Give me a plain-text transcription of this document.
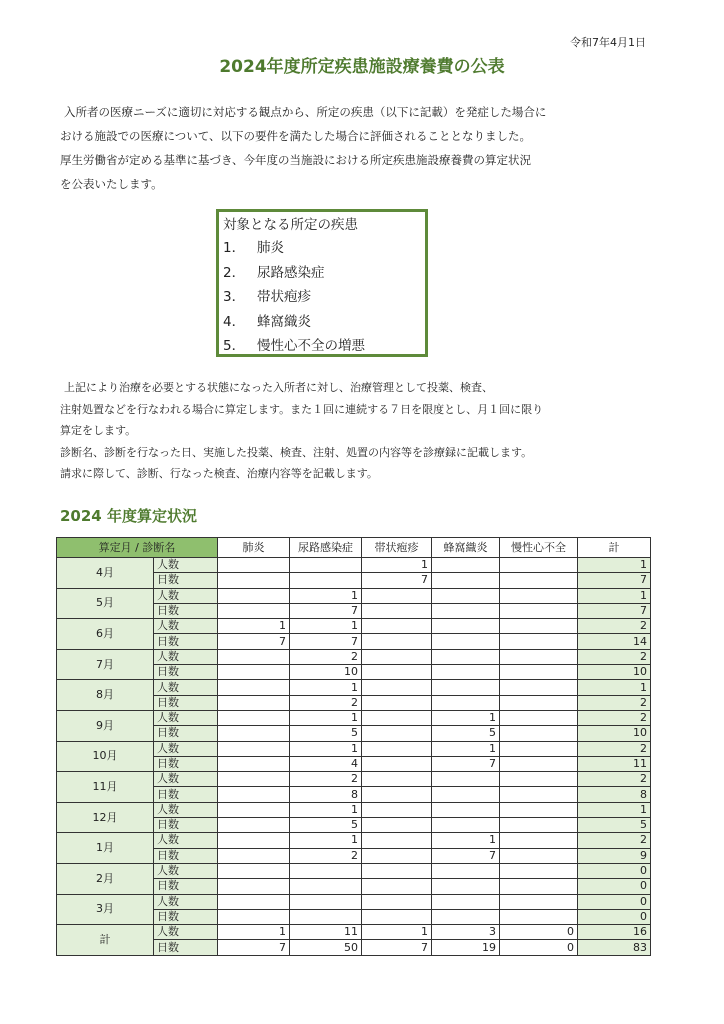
令和7年4月1日
2024年度所定疾患施設療養費の公表

入所者の医療ニーズに適切に対応する観点から、所定の疾患（以下に記載）を発症した場合に

おける施設での医療について、以下の要件を満たした場合に評価されることとなりました。

厚生労働省が定める基準に基づき、今年度の当施設における所定疾患施設療養費の算定状況

を公表いたします。

対象となる所定の疾患
1． 肺炎
2． 尿路感染症
3． 帯状疱疹
4． 蜂窩織炎
5． 慢性心不全の増悪

上記により治療を必要とする状態になった入所者に対し、治療管理として投薬、検査、

注射処置などを行なわれる場合に算定します。また１回に連続する７日を限度とし、月１回に限り

算定をします。

診断名、診断を行なった日、実施した投薬、検査、注射、処置の内容等を診療録に記載します。

請求に際して、診断、行なった検査、治療内容等を記載します。

2024 年度算定状況
算定月 / 診断名		肺炎	尿路感染症	帯状疱疹	蜂窩織炎	慢性心不全	計
4月	人数			1			1
	日数			7			7
5月	人数		1				1
	日数		7				7
6月	人数	1	1				2
	日数	7	7				14
7月	人数		2				2
	日数		10				10
8月	人数		1				1
	日数		2				2
9月	人数		1		1		2
	日数		5		5		10
10月	人数		1		1		2
	日数		4		7		11
11月	人数		2				2
	日数		8				8
12月	人数		1				1
	日数		5				5
1月	人数		1		1		2
	日数		2		7		9
2月	人数						0
	日数						0
3月	人数						0
	日数						0
計	人数	1	11	1	3	0	16
	日数	7	50	7	19	0	83
